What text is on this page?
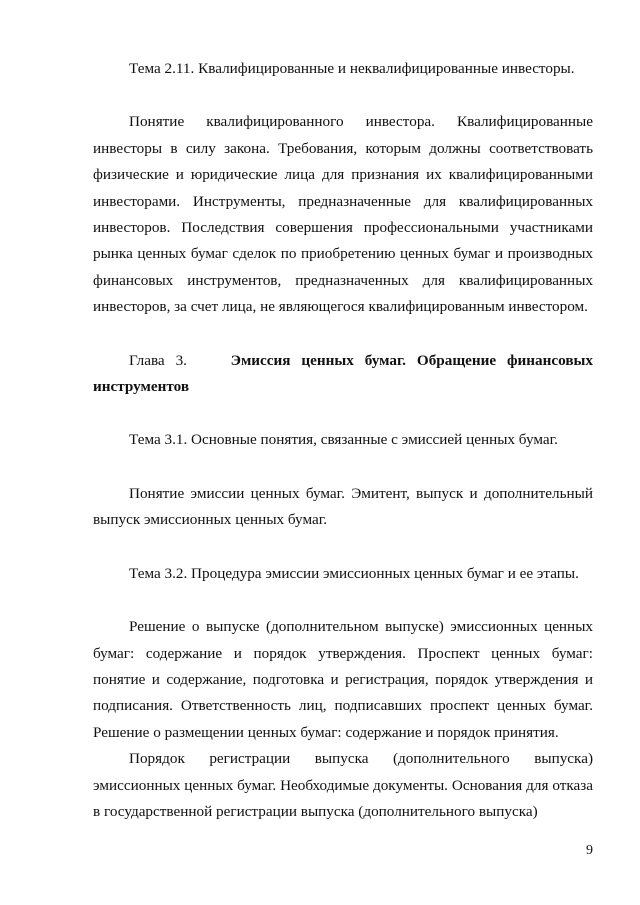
Тема 2.11. Квалифицированные и неквалифицированные инвесторы.

Понятие квалифицированного инвестора. Квалифицированные инвесторы в силу закона. Требования, которым должны соответствовать физические и юридические лица для признания их квалифицированными инвесторами. Инструменты, предназначенные для квалифицированных инвесторов. Последствия совершения профессиональными участниками рынка ценных бумаг сделок по приобретению ценных бумаг и производных финансовых инструментов, предназначенных для квалифицированных инвесторов, за счет лица, не являющегося квалифицированным инвестором.

Глава 3.	Эмиссия ценных бумаг. Обращение финансовых инструментов

Тема 3.1. Основные понятия, связанные с эмиссией ценных бумаг.

Понятие эмиссии ценных бумаг. Эмитент, выпуск и дополнительный выпуск эмиссионных ценных бумаг.

Тема 3.2. Процедура эмиссии эмиссионных ценных бумаг и ее этапы.

Решение о выпуске (дополнительном выпуске) эмиссионных ценных бумаг: содержание и порядок утверждения. Проспект ценных бумаг: понятие и содержание, подготовка и регистрация, порядок утверждения и подписания. Ответственность лиц, подписавших проспект ценных бумаг. Решение о размещении ценных бумаг: содержание и порядок принятия.

Порядок регистрации выпуска (дополнительного выпуска) эмиссионных ценных бумаг. Необходимые документы. Основания для отказа в государственной регистрации выпуска (дополнительного выпуска)

9
